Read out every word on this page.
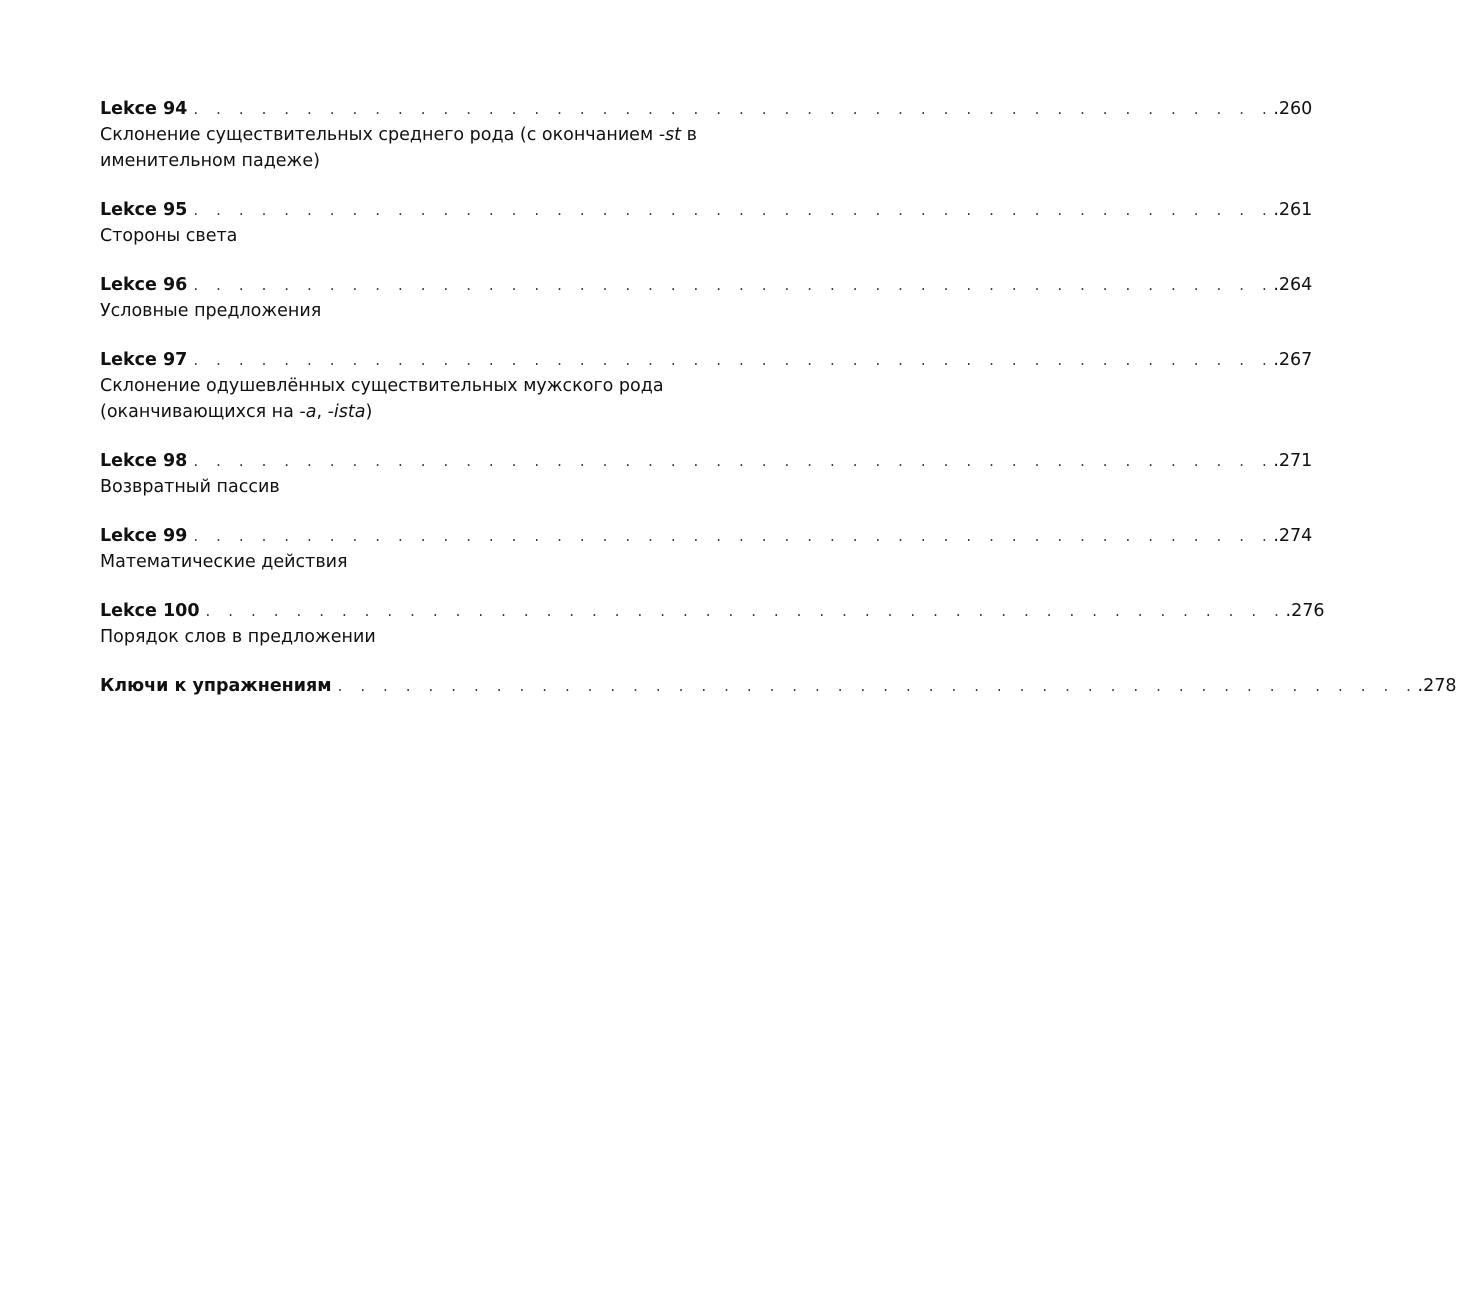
Lekce 94 . . . . . . . . . . . . . . . . . . . . . . . . . . . . . . . . . . . . . . . . . . . . . . . . .260
Склонение существительных среднего рода (с окончанием -st в именительном падеже)
Lekce 95 . . . . . . . . . . . . . . . . . . . . . . . . . . . . . . . . . . . . . . . . . . . . . . . . .261
Стороны света
Lekce 96 . . . . . . . . . . . . . . . . . . . . . . . . . . . . . . . . . . . . . . . . . . . . . . . . .264
Условные предложения
Lekce 97 . . . . . . . . . . . . . . . . . . . . . . . . . . . . . . . . . . . . . . . . . . . . . . . . .267
Склонение одушевлённых существительных мужского рода (оканчивающихся на -a, -ista)
Lekce 98 . . . . . . . . . . . . . . . . . . . . . . . . . . . . . . . . . . . . . . . . . . . . . . . . .271
Возвратный пассив
Lekce 99 . . . . . . . . . . . . . . . . . . . . . . . . . . . . . . . . . . . . . . . . . . . . . . . . .274
Математические действия
Lekce 100 . . . . . . . . . . . . . . . . . . . . . . . . . . . . . . . . . . . . . . . . . . . . . . . . .276
Порядок слов в предложении
Ключи к упражнениям . . . . . . . . . . . . . . . . . . . . . . . . . . . . . . . . . . . . . . . . . . . . . . . . .278
